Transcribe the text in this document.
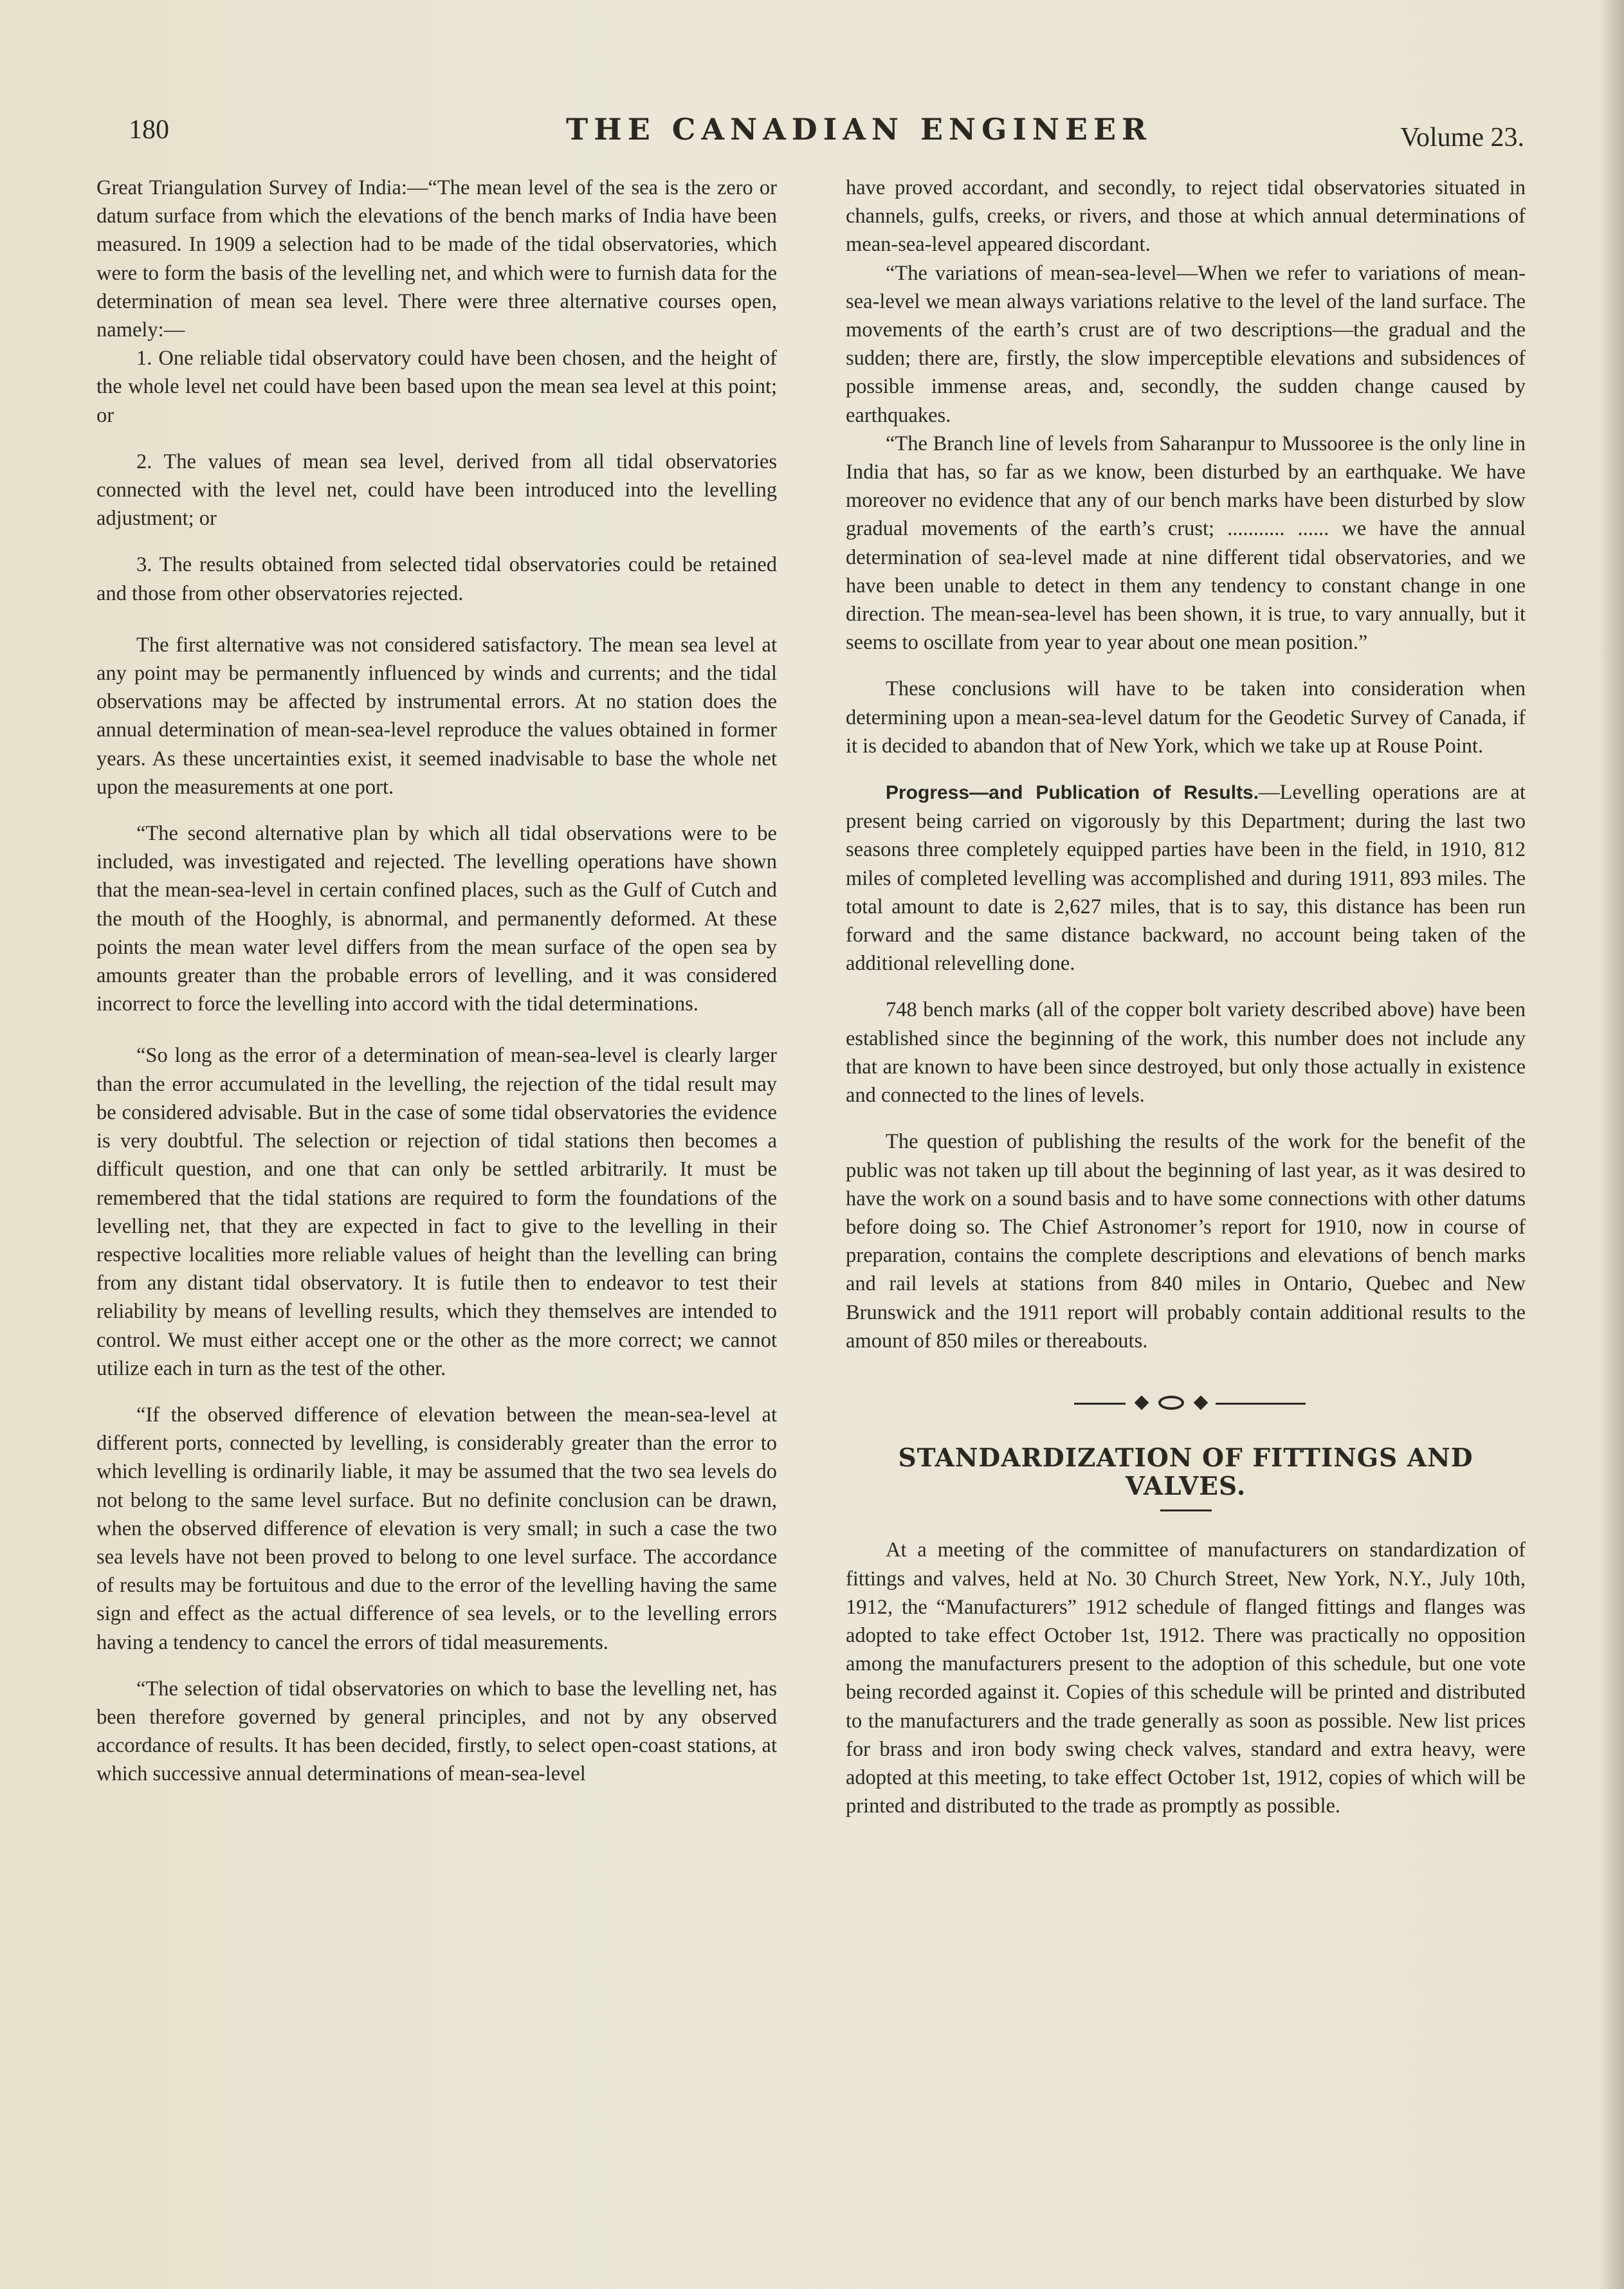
180	THE CANADIAN ENGINEER	Volume 23.

Great Triangulation Survey of India:—“The mean level of the sea is the zero or datum surface from which the elevations of the bench marks of India have been measured. In 1909 a selection had to be made of the tidal observatories, which were to form the basis of the levelling net, and which were to furnish data for the determination of mean sea level. There were three alternative courses open, namely:—

1. One reliable tidal observatory could have been chosen, and the height of the whole level net could have been based upon the mean sea level at this point; or

2. The values of mean sea level, derived from all tidal observatories connected with the level net, could have been introduced into the levelling adjustment; or

3. The results obtained from selected tidal observatories could be retained and those from other observatories rejected.

The first alternative was not considered satisfactory. The mean sea level at any point may be permanently influenced by winds and currents; and the tidal observations may be affected by instrumental errors. At no station does the annual determination of mean-sea-level reproduce the values obtained in former years. As these uncertainties exist, it seemed inadvisable to base the whole net upon the measurements at one port.

“The second alternative plan by which all tidal observations were to be included, was investigated and rejected. The levelling operations have shown that the mean-sea-level in certain confined places, such as the Gulf of Cutch and the mouth of the Hooghly, is abnormal, and permanently deformed. At these points the mean water level differs from the mean surface of the open sea by amounts greater than the probable errors of levelling, and it was considered incorrect to force the levelling into accord with the tidal determinations.

“So long as the error of a determination of mean-sea-level is clearly larger than the error accumulated in the levelling, the rejection of the tidal result may be considered advisable. But in the case of some tidal observatories the evidence is very doubtful. The selection or rejection of tidal stations then becomes a difficult question, and one that can only be settled arbitrarily. It must be remembered that the tidal stations are required to form the foundations of the levelling net, that they are expected in fact to give to the levelling in their respective localities more reliable values of height than the levelling can bring from any distant tidal observatory. It is futile then to endeavor to test their reliability by means of levelling results, which they themselves are intended to control. We must either accept one or the other as the more correct; we cannot utilize each in turn as the test of the other.

“If the observed difference of elevation between the mean-sea-level at different ports, connected by levelling, is considerably greater than the error to which levelling is ordinarily liable, it may be assumed that the two sea levels do not belong to the same level surface. But no definite conclusion can be drawn, when the observed difference of elevation is very small; in such a case the two sea levels have not been proved to belong to one level surface. The accordance of results may be fortuitous and due to the error of the levelling having the same sign and effect as the actual difference of sea levels, or to the levelling errors having a tendency to cancel the errors of tidal measurements.

“The selection of tidal observatories on which to base the levelling net, has been therefore governed by general principles, and not by any observed accordance of results. It has been decided, firstly, to select open-coast stations, at which successive annual determinations of mean-sea-level

have proved accordant, and secondly, to reject tidal observatories situated in channels, gulfs, creeks, or rivers, and those at which annual determinations of mean-sea-level appeared discordant.

“The variations of mean-sea-level—When we refer to variations of mean-sea-level we mean always variations relative to the level of the land surface. The movements of the earth’s crust are of two descriptions—the gradual and the sudden; there are, firstly, the slow imperceptible elevations and subsidences of possible immense areas, and, secondly, the sudden change caused by earthquakes.

“The Branch line of levels from Saharanpur to Mussooree is the only line in India that has, so far as we know, been disturbed by an earthquake. We have moreover no evidence that any of our bench marks have been disturbed by slow gradual movements of the earth’s crust; ........... ...... we have the annual determination of sea-level made at nine different tidal observatories, and we have been unable to detect in them any tendency to constant change in one direction. The mean-sea-level has been shown, it is true, to vary annually, but it seems to oscillate from year to year about one mean position.”

These conclusions will have to be taken into consideration when determining upon a mean-sea-level datum for the Geodetic Survey of Canada, if it is decided to abandon that of New York, which we take up at Rouse Point.

Progress—and Publication of Results.—Levelling operations are at present being carried on vigorously by this Department; during the last two seasons three completely equipped parties have been in the field, in 1910, 812 miles of completed levelling was accomplished and during 1911, 893 miles. The total amount to date is 2,627 miles, that is to say, this distance has been run forward and the same distance backward, no account being taken of the additional relevelling done.

748 bench marks (all of the copper bolt variety described above) have been established since the beginning of the work, this number does not include any that are known to have been since destroyed, but only those actually in existence and connected to the lines of levels.

The question of publishing the results of the work for the benefit of the public was not taken up till about the beginning of last year, as it was desired to have the work on a sound basis and to have some connections with other datums before doing so. The Chief Astronomer’s report for 1910, now in course of preparation, contains the complete descriptions and elevations of bench marks and rail levels at stations from 840 miles in Ontario, Quebec and New Brunswick and the 1911 report will probably contain additional results to the amount of 850 miles or thereabouts.

STANDARDIZATION OF FITTINGS AND VALVES.

At a meeting of the committee of manufacturers on standardization of fittings and valves, held at No. 30 Church Street, New York, N.Y., July 10th, 1912, the “Manufacturers” 1912 schedule of flanged fittings and flanges was adopted to take effect October 1st, 1912. There was practically no opposition among the manufacturers present to the adoption of this schedule, but one vote being recorded against it. Copies of this schedule will be printed and distributed to the manufacturers and the trade generally as soon as possible. New list prices for brass and iron body swing check valves, standard and extra heavy, were adopted at this meeting, to take effect October 1st, 1912, copies of which will be printed and distributed to the trade as promptly as possible.
